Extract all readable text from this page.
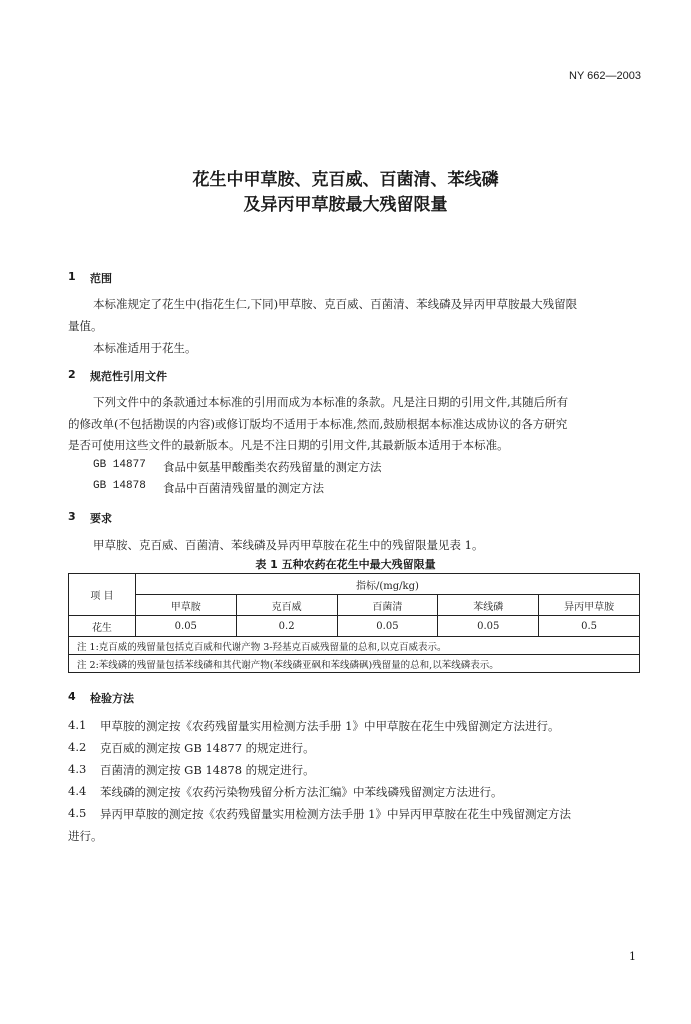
NY 662—2003
花生中甲草胺、克百威、百菌清、苯线磷
及异丙甲草胺最大残留限量
1 范围
本标准规定了花生中(指花生仁,下同)甲草胺、克百威、百菌清、苯线磷及异丙甲草胺最大残留限
量值。
本标准适用于花生。
2 规范性引用文件
下列文件中的条款通过本标准的引用而成为本标准的条款。凡是注日期的引用文件,其随后所有
的修改单(不包括勘误的内容)或修订版均不适用于本标准,然而,鼓励根据本标准达成协议的各方研究
是否可使用这些文件的最新版本。凡是不注日期的引用文件,其最新版本适用于本标准。
GB 14877 食品中氨基甲酸酯类农药残留量的测定方法
GB 14878 食品中百菌清残留量的测定方法
3 要求
甲草胺、克百威、百菌清、苯线磷及异丙甲草胺在花生中的残留限量见表 1。
表 1 五种农药在花生中最大残留限量
项 目	指标/(mg/kg)				
	甲草胺	克百威	百菌清	苯线磷	异丙甲草胺
花生	0.05	0.2	0.05	0.05	0.5
注 1:克百威的残留量包括克百威和代谢产物 3-羟基克百威残留量的总和,以克百威表示。					
注 2:苯线磷的残留量包括苯线磷和其代谢产物(苯线磷亚砜和苯线磷砜)残留量的总和,以苯线磷表示。					
4 检验方法
4.1 甲草胺的测定按《农药残留量实用检测方法手册 1》中甲草胺在花生中残留测定方法进行。
4.2 克百威的测定按 GB 14877 的规定进行。
4.3 百菌清的测定按 GB 14878 的规定进行。
4.4 苯线磷的测定按《农药污染物残留分析方法汇编》中苯线磷残留测定方法进行。
4.5 异丙甲草胺的测定按《农药残留量实用检测方法手册 1》中异丙甲草胺在花生中残留测定方法
进行。
1
